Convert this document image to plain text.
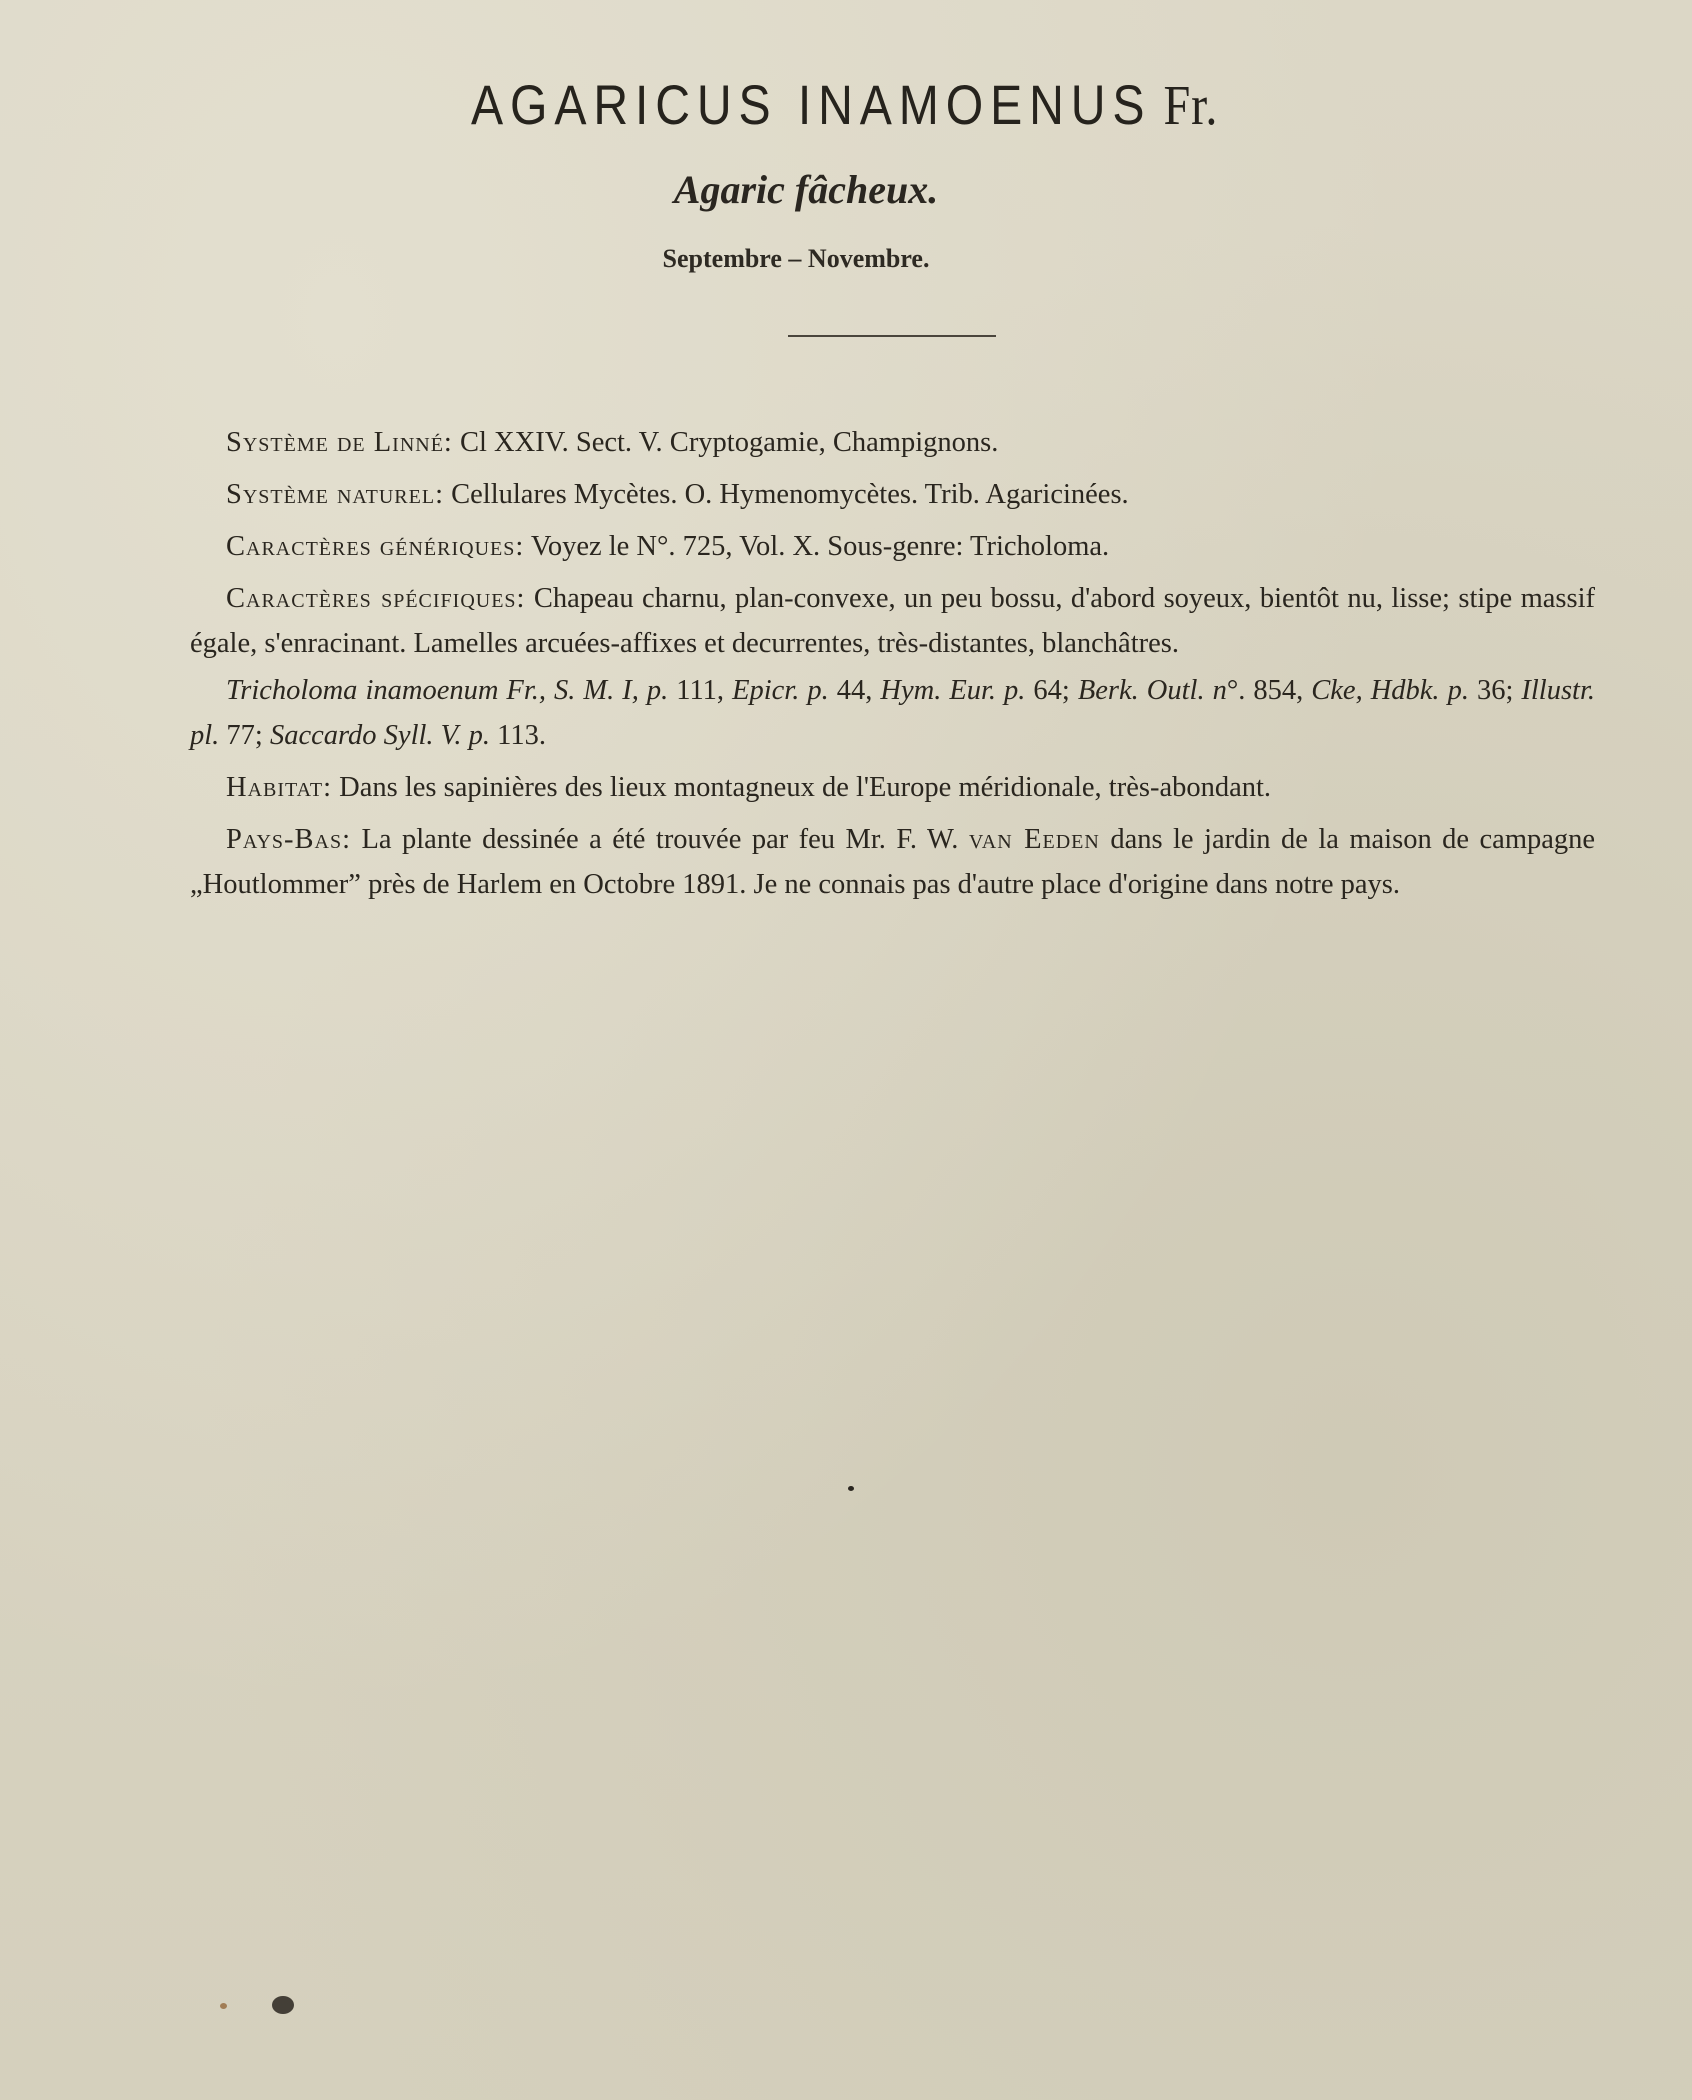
AGARICUS INAMOENUS Fr.
Agaric fâcheux.
Septembre – Novembre.

Système de Linné: Cl XXIV. Sect. V. Cryptogamie, Champignons.

Système naturel: Cellulares Mycètes. O. Hymenomycètes. Trib. Agaricinées.

Caractères génériques: Voyez le N°. 725, Vol. X. Sous-genre: Tricholoma.

Caractères spécifiques: Chapeau charnu, plan-convexe, un peu bossu, d'abord soyeux, bientôt nu, lisse; stipe massif égale, s'enracinant. Lamelles arcuées-affixes et decurrentes, très-distantes, blanchâtres.

Tricholoma inamoenum Fr., S. M. I, p. 111, Epicr. p. 44, Hym. Eur. p. 64; Berk. Outl. n°. 854, Cke, Hdbk. p. 36; Illustr. pl. 77; Saccardo Syll. V. p. 113.

Habitat: Dans les sapinières des lieux montagneux de l'Europe méridionale, très-abondant.

Pays-Bas: La plante dessinée a été trouvée par feu Mr. F. W. van Eeden dans le jardin de la maison de campagne „Houtlommer” près de Harlem en Octobre 1891. Je ne connais pas d'autre place d'origine dans notre pays.
